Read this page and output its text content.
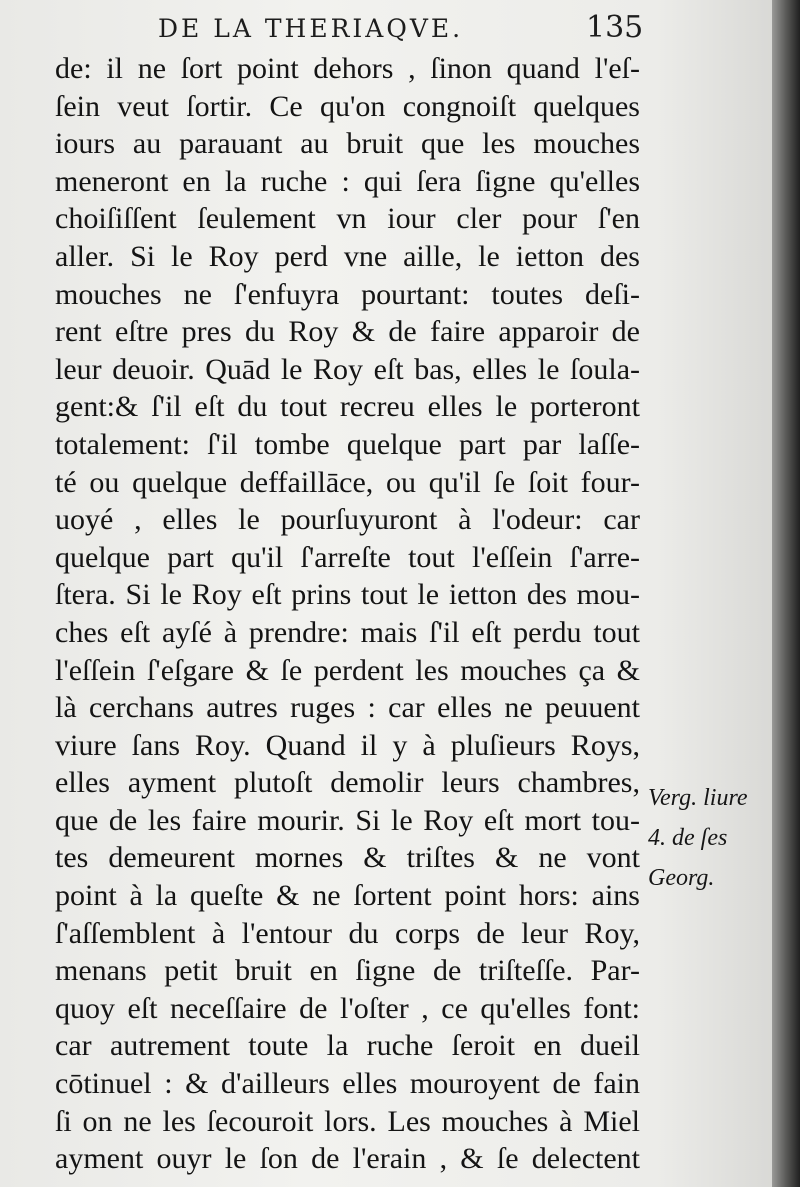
DE LA THERIAQVE.	135

de: il ne ſort point dehors , ſinon quand l'eſ-
ſein veut ſortir. Ce qu'on congnoiſt quelques
iours au parauant au bruit que les mouches
meneront en la ruche : qui ſera ſigne qu'elles
choiſiſſent ſeulement vn iour cler pour ſ'en
aller. Si le Roy perd vne aille, le ietton des
mouches ne ſ'enfuyra pourtant: toutes deſi-
rent eſtre pres du Roy & de faire apparoir de
leur deuoir. Quād le Roy eſt bas, elles le ſoula-
gent:& ſ'il eſt du tout recreu elles le porteront
totalement: ſ'il tombe quelque part par laſſe-
té ou quelque deffaillāce, ou qu'il ſe ſoit four-
uoyé , elles le pourſuyuront à l'odeur: car
quelque part qu'il ſ'arreſte tout l'eſſein ſ'arre-
ſtera. Si le Roy eſt prins tout le ietton des mou-
ches eſt ayſé à prendre: mais ſ'il eſt perdu tout
l'eſſein ſ'eſgare & ſe perdent les mouches ça &
là cerchans autres ruges : car elles ne peuuent
viure ſans Roy. Quand il y à pluſieurs Roys,
elles ayment plutoſt demolir leurs chambres,
que de les faire mourir. Si le Roy eſt mort tou-
tes demeurent mornes & triſtes & ne vont
point à la queſte & ne ſortent point hors: ains
ſ'aſſemblent à l'entour du corps de leur Roy,
menans petit bruit en ſigne de triſteſſe. Par-
quoy eſt neceſſaire de l'oſter , ce qu'elles font:
car autrement toute la ruche ſeroit en dueil
cōtinuel : & d'ailleurs elles mouroyent de fain
ſi on ne les ſecouroit lors. Les mouches à Miel
ayment ouyr le ſon de l'erain , & ſe delectent

Verg. liure
4. de ſes
Georg.
